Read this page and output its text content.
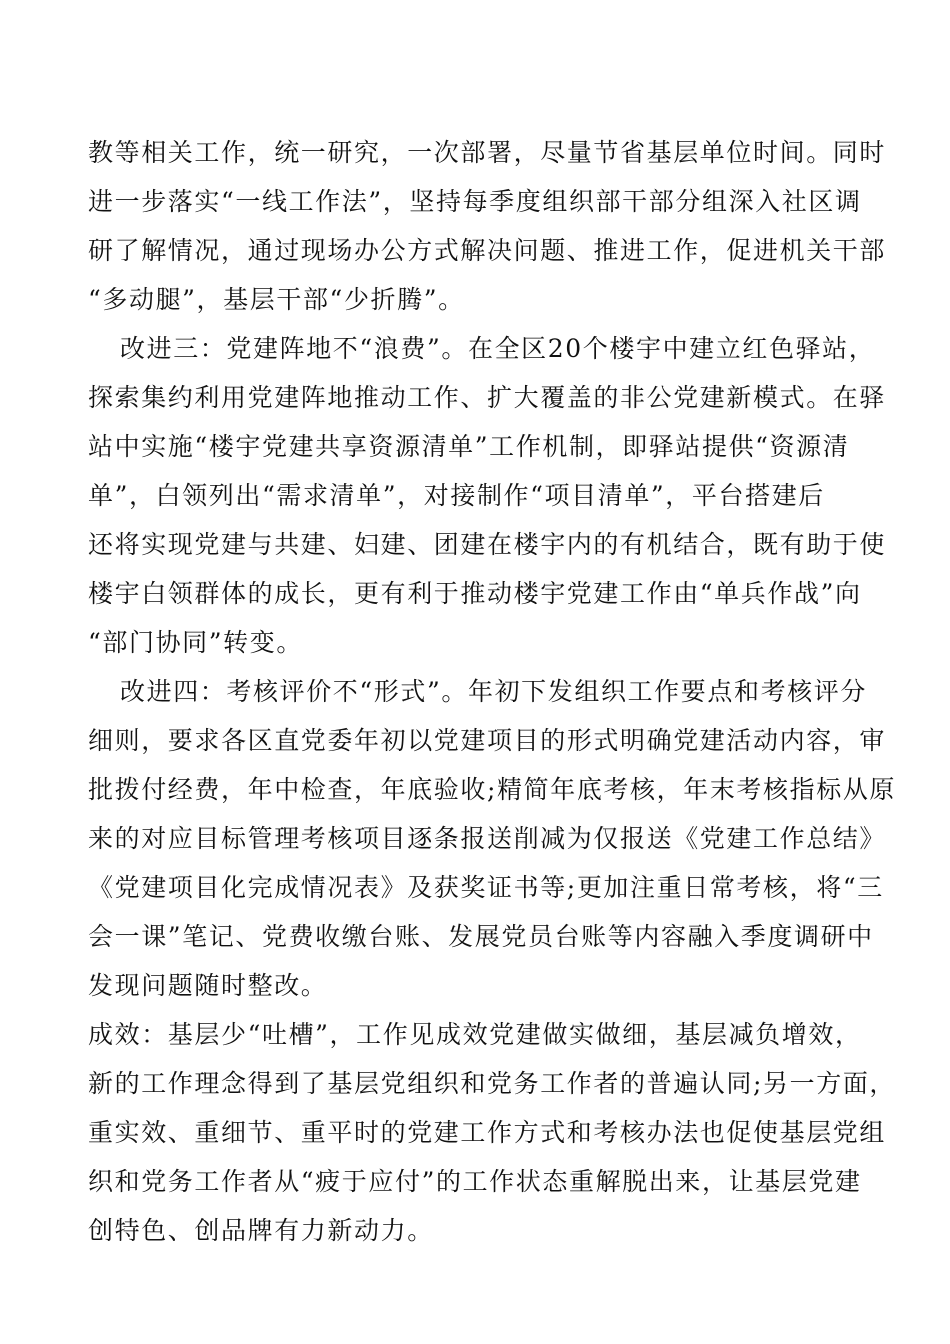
教等相关工作，统一研究，一次部署，尽量节省基层单位时间。同时
进一步落实“一线工作法”，坚持每季度组织部干部分组深入社区调
研了解情况，通过现场办公方式解决问题、推进工作，促进机关干部
“多动腿”，基层干部“少折腾”。
改进三：党建阵地不“浪费”。在全区20个楼宇中建立红色驿站，
探索集约利用党建阵地推动工作、扩大覆盖的非公党建新模式。在驿
站中实施“楼宇党建共享资源清单”工作机制，即驿站提供“资源清
单”，白领列出“需求清单”，对接制作“项目清单”，平台搭建后
还将实现党建与共建、妇建、团建在楼宇内的有机结合，既有助于使
楼宇白领群体的成长，更有利于推动楼宇党建工作由“单兵作战”向
“部门协同”转变。
改进四：考核评价不“形式”。年初下发组织工作要点和考核评分
细则，要求各区直党委年初以党建项目的形式明确党建活动内容，审
批拨付经费，年中检查，年底验收;精简年底考核，年末考核指标从原
来的对应目标管理考核项目逐条报送削减为仅报送《党建工作总结》
《党建项目化完成情况表》及获奖证书等;更加注重日常考核，将“三
会一课”笔记、党费收缴台账、发展党员台账等内容融入季度调研中
发现问题随时整改。
成效：基层少“吐槽”，工作见成效党建做实做细，基层减负增效，
新的工作理念得到了基层党组织和党务工作者的普遍认同;另一方面，
重实效、重细节、重平时的党建工作方式和考核办法也促使基层党组
织和党务工作者从“疲于应付”的工作状态重解脱出来，让基层党建
创特色、创品牌有力新动力。
